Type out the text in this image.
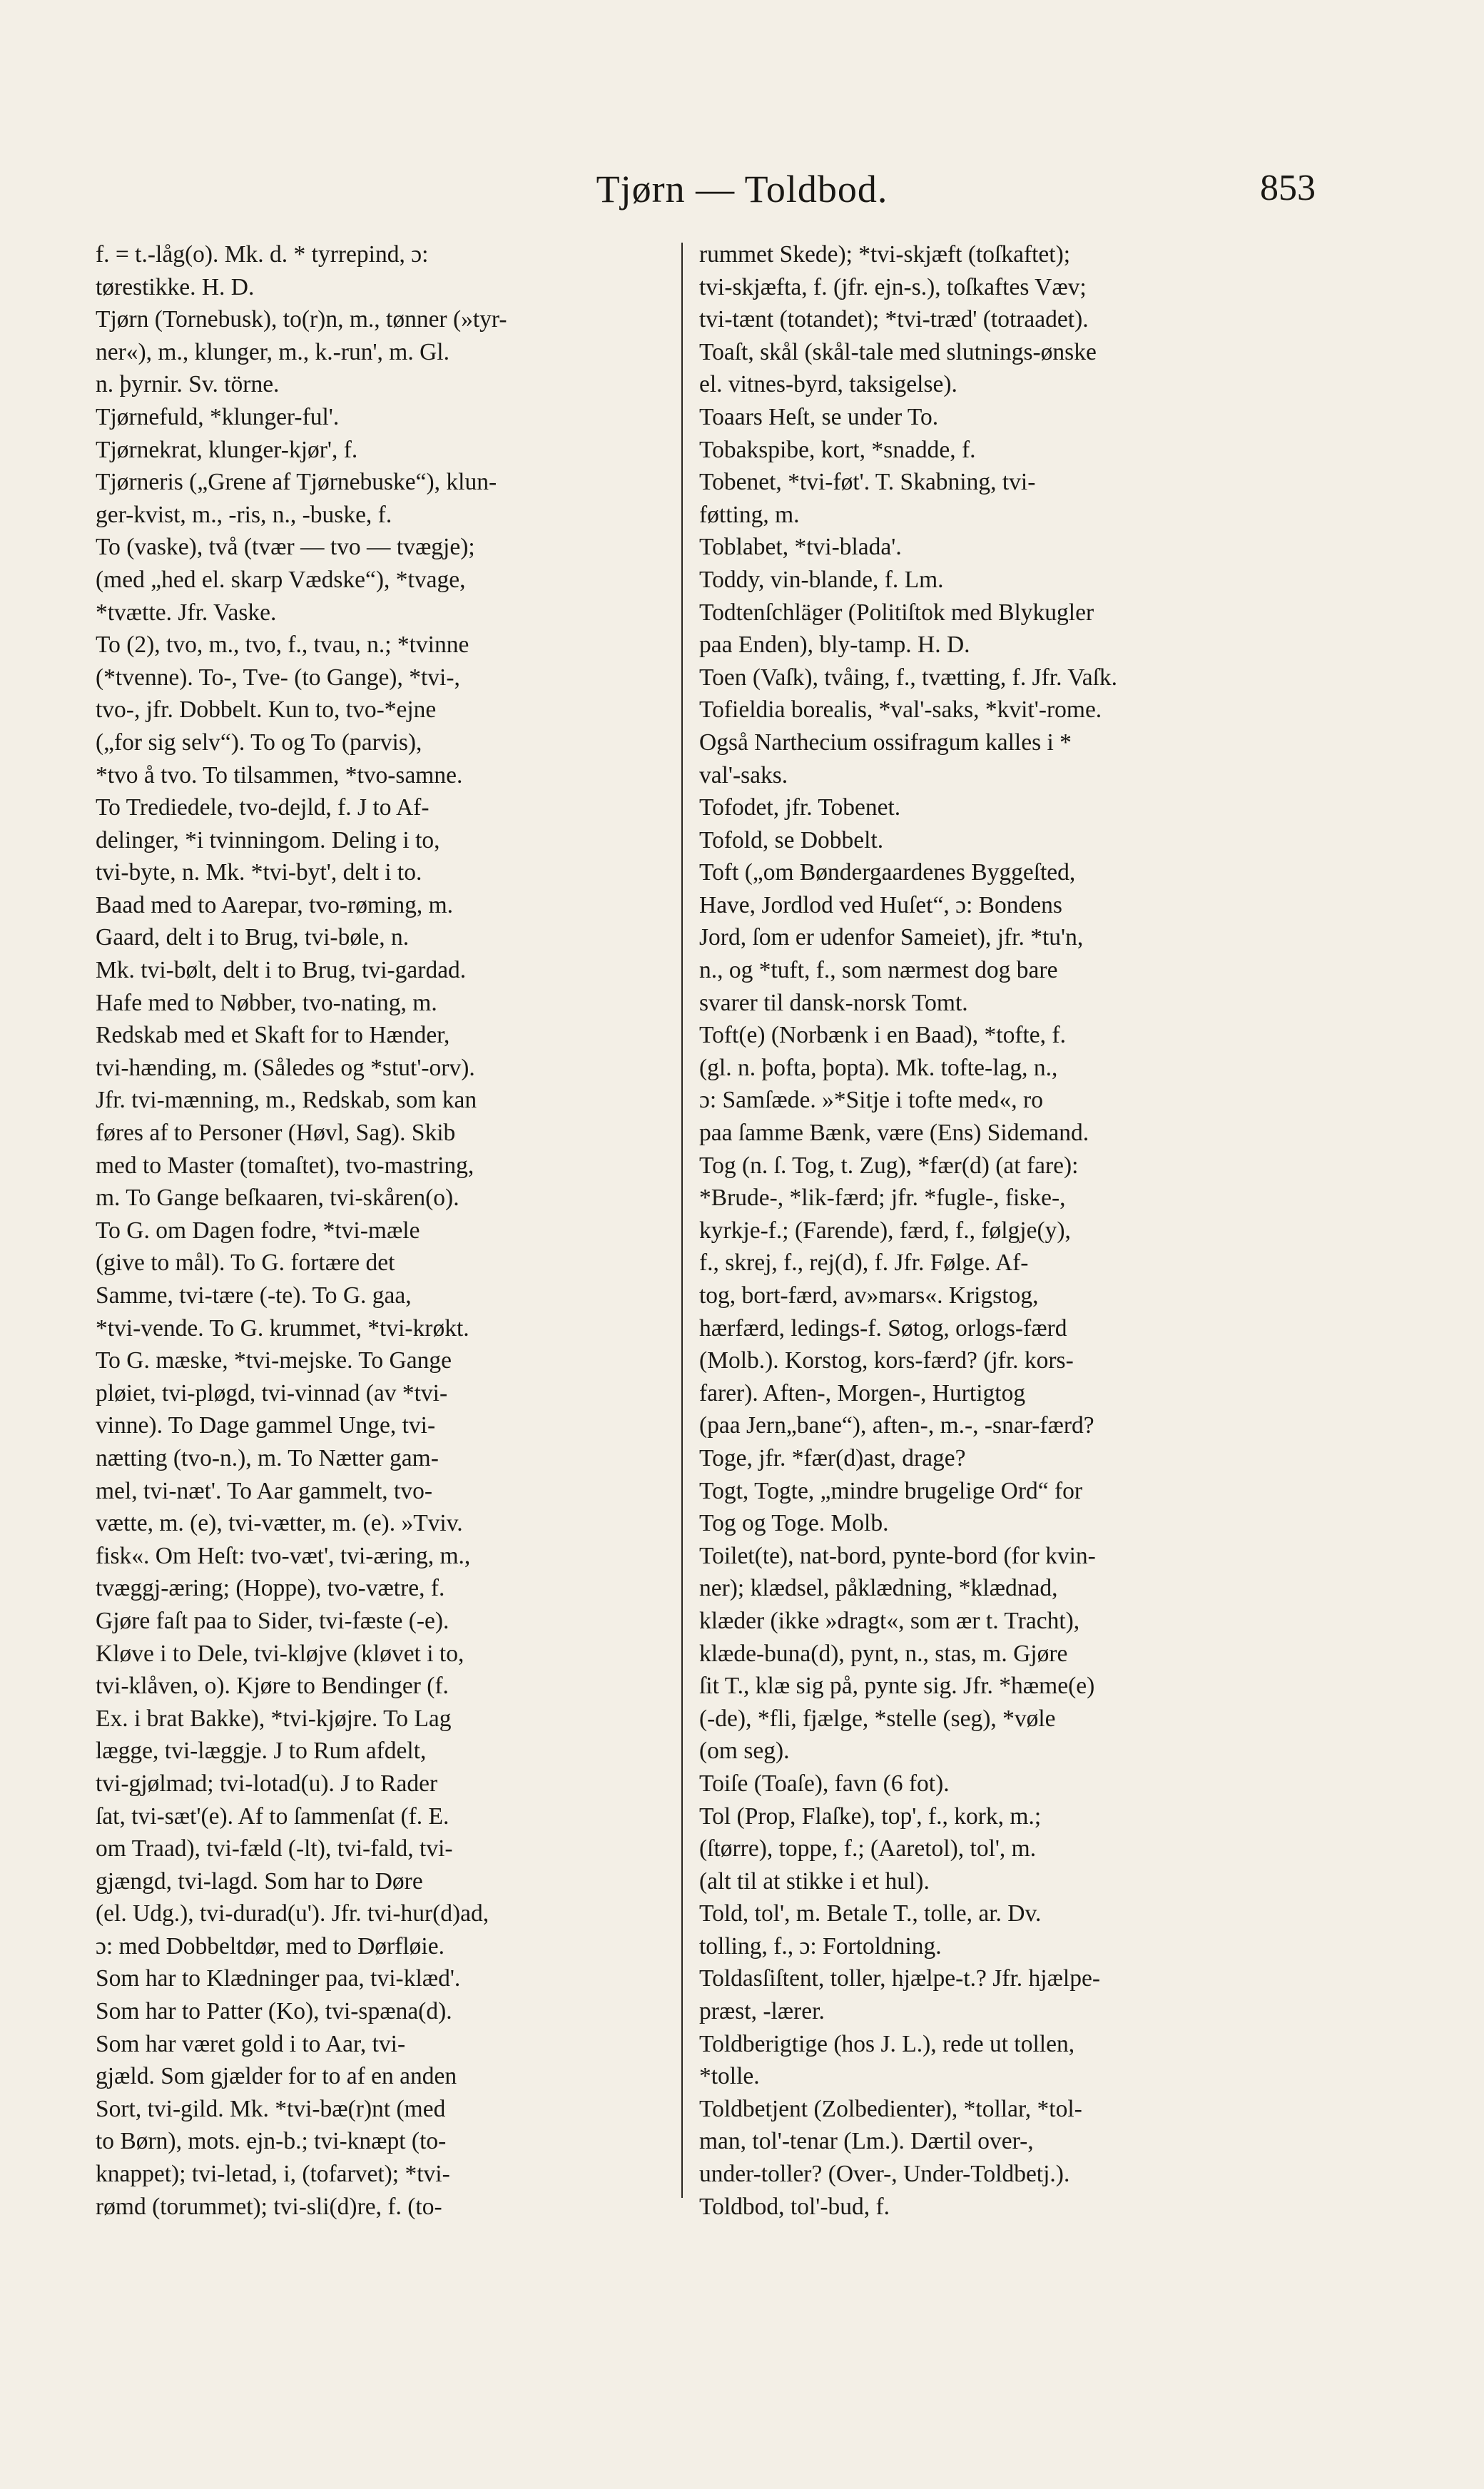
Tjørn — Toldbod.	853
f. = t.-låg(o). Mk. d. * tyrrepind, ɔ:
tørestikke. H. D.
Tjørn (Tornebusk), to(r)n, m., tønner (»tyr-
ner«), m., klunger, m., k.-run', m. Gl.
n. þyrnir. Sv. törne.
Tjørnefuld, *klunger-ful'.
Tjørnekrat, klunger-kjør', f.
Tjørneris („Grene af Tjørnebuske“), klun-
ger-kvist, m., -ris, n., -buske, f.
To (vaske), två (tvær — tvo — tvægje);
(med „hed el. skarp Vædske“), *tvage,
*tvætte. Jfr. Vaske.
To (2), tvo, m., tvo, f., tvau, n.; *tvinne
(*tvenne). To-, Tve- (to Gange), *tvi-,
tvo-, jfr. Dobbelt. Kun to, tvo-*ejne
(„for sig selv“). To og To (parvis),
*tvo å tvo. To tilsammen, *tvo-samne.
To Trediedele, tvo-dejld, f. J to Af-
delinger, *i tvinningom. Deling i to,
tvi-byte, n. Mk. *tvi-byt', delt i to.
Baad med to Aarepar, tvo-røming, m.
Gaard, delt i to Brug, tvi-bøle, n.
Mk. tvi-bølt, delt i to Brug, tvi-gardad.
Hafe med to Nøbber, tvo-nating, m.
Redskab med et Skaft for to Hænder,
tvi-hænding, m. (Således og *stut'-orv).
Jfr. tvi-mænning, m., Redskab, som kan
føres af to Personer (Høvl, Sag). Skib
med to Master (tomaſtet), tvo-mastring,
m. To Gange beſkaaren, tvi-skåren(o).
To G. om Dagen fodre, *tvi-mæle
(give to mål). To G. fortære det
Samme, tvi-tære (-te). To G. gaa,
*tvi-vende. To G. krummet, *tvi-krøkt.
To G. mæske, *tvi-mejske. To Gange
pløiet, tvi-pløgd, tvi-vinnad (av *tvi-
vinne). To Dage gammel Unge, tvi-
nætting (tvo-n.), m. To Nætter gam-
mel, tvi-næt'. To Aar gammelt, tvo-
vætte, m. (e), tvi-vætter, m. (e). »Tviv.
fisk«. Om Heſt: tvo-væt', tvi-æring, m.,
tvæggj-æring; (Hoppe), tvo-vætre, f.
Gjøre faſt paa to Sider, tvi-fæste (-e).
Kløve i to Dele, tvi-kløjve (kløvet i to,
tvi-klåven, o). Kjøre to Bendinger (f.
Ex. i brat Bakke), *tvi-kjøjre. To Lag
lægge, tvi-læggje. J to Rum afdelt,
tvi-gjølmad; tvi-lotad(u). J to Rader
ſat, tvi-sæt'(e). Af to ſammenſat (f. E.
om Traad), tvi-fæld (-lt), tvi-fald, tvi-
gjængd, tvi-lagd. Som har to Døre
(el. Udg.), tvi-durad(u'). Jfr. tvi-hur(d)ad,
ɔ: med Dobbeltdør, med to Dørfløie.
Som har to Klædninger paa, tvi-klæd'.
Som har to Patter (Ko), tvi-spæna(d).
Som har været gold i to Aar, tvi-
gjæld. Som gjælder for to af en anden
Sort, tvi-gild. Mk. *tvi-bæ(r)nt (med
to Børn), mots. ejn-b.; tvi-knæpt (to-
knappet); tvi-letad, i, (tofarvet); *tvi-
rømd (torummet); tvi-sli(d)re, f. (to-
rummet Skede); *tvi-skjæft (toſkaftet);
tvi-skjæfta, f. (jfr. ejn-s.), toſkaftes Væv;
tvi-tænt (totandet); *tvi-træd' (totraadet).
Toaſt, skål (skål-tale med slutnings-ønske
el. vitnes-byrd, taksigelse).
Toaars Heſt, se under To.
Tobakspibe, kort, *snadde, f.
Tobenet, *tvi-føt'. T. Skabning, tvi-
føtting, m.
Toblabet, *tvi-blada'.
Toddy, vin-blande, f. Lm.
Todtenſchläger (Politiſtok med Blykugler
paa Enden), bly-tamp. H. D.
Toen (Vaſk), tvåing, f., tvætting, f. Jfr. Vaſk.
Tofieldia borealis, *val'-saks, *kvit'-rome.
Også Narthecium ossifragum kalles i *
val'-saks.
Tofodet, jfr. Tobenet.
Tofold, se Dobbelt.
Toft („om Bøndergaardenes Byggeſted,
Have, Jordlod ved Huſet“, ɔ: Bondens
Jord, ſom er udenfor Sameiet), jfr. *tu'n,
n., og *tuft, f., som nærmest dog bare
svarer til dansk-norsk Tomt.
Toft(e) (Norbænk i en Baad), *tofte, f.
(gl. n. þofta, þopta). Mk. tofte-lag, n.,
ɔ: Samſæde. »*Sitje i tofte med«, ro
paa ſamme Bænk, være (Ens) Sidemand.
Tog (n. ſ. Tog, t. Zug), *fær(d) (at fare):
*Brude-, *lik-færd; jfr. *fugle-, fiske-,
kyrkje-f.; (Farende), færd, f., følgje(y),
f., skrej, f., rej(d), f. Jfr. Følge. Af-
tog, bort-færd, av»mars«. Krigstog,
hærfærd, ledings-f. Søtog, orlogs-færd
(Molb.). Korstog, kors-færd? (jfr. kors-
farer). Aften-, Morgen-, Hurtigtog
(paa Jern„bane“), aften-, m.-, -snar-færd?
Toge, jfr. *fær(d)ast, drage?
Togt, Togte, „mindre brugelige Ord“ for
Tog og Toge. Molb.
Toilet(te), nat-bord, pynte-bord (for kvin-
ner); klædsel, påklædning, *klædnad,
klæder (ikke »dragt«, som ær t. Tracht),
klæde-buna(d), pynt, n., stas, m. Gjøre
ſit T., klæ sig på, pynte sig. Jfr. *hæme(e)
(-de), *fli, fjælge, *stelle (seg), *vøle
(om seg).
Toiſe (Toaſe), favn (6 fot).
Tol (Prop, Flaſke), top', f., kork, m.;
(ſtørre), toppe, f.; (Aaretol), tol', m.
(alt til at stikke i et hul).
Told, tol', m. Betale T., tolle, ar. Dv.
tolling, f., ɔ: Fortoldning.
Toldasſiſtent, toller, hjælpe-t.? Jfr. hjælpe-
præst, -lærer.
Toldberigtige (hos J. L.), rede ut tollen,
*tolle.
Toldbetjent (Zolbedienter), *tollar, *tol-
man, tol'-tenar (Lm.). Dærtil over-,
under-toller? (Over-, Under-Toldbetj.).
Toldbod, tol'-bud, f.
